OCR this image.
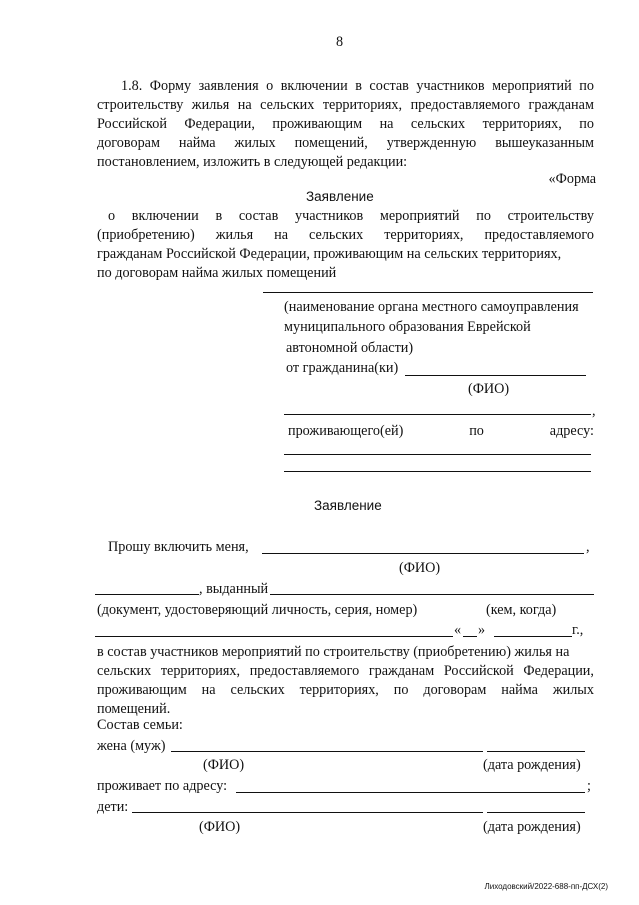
8
1.8. Форму заявления о включении в состав участников мероприятий по
строительству жилья на сельских территориях, предоставляемого гражданам
Российской Федерации, проживающим на сельских территориях, по
договорам найма жилых помещений, утвержденную вышеуказанным
постановлением, изложить в следующей редакции:
«Форма
Заявление
о включении в состав участников мероприятий по строительству
(приобретению) жилья на сельских территориях, предоставляемого
гражданам Российской Федерации, проживающим на сельских территориях,
по договорам найма жилых помещений
(наименование органа местного самоуправления
муниципального образования Еврейской
автономной области)
от гражданина(ки)
(ФИО)
,
проживающего(ей)	по	адресу:
Заявление
Прошу включить меня,	,
(ФИО)
, выданный
(документ, удостоверяющий личность, серия, номер)	(кем, когда)
« »	г.,
в состав участников мероприятий по строительству (приобретению) жилья на
сельских территориях, предоставляемого гражданам Российской Федерации,
проживающим на сельских территориях, по договорам найма жилых
помещений.
Состав семьи:
жена (муж)
(ФИО)	(дата рождения)
проживает по адресу:	;
дети:
(ФИО)	(дата рождения)
Лиходовский/2022-688-пп-ДСХ(2)
